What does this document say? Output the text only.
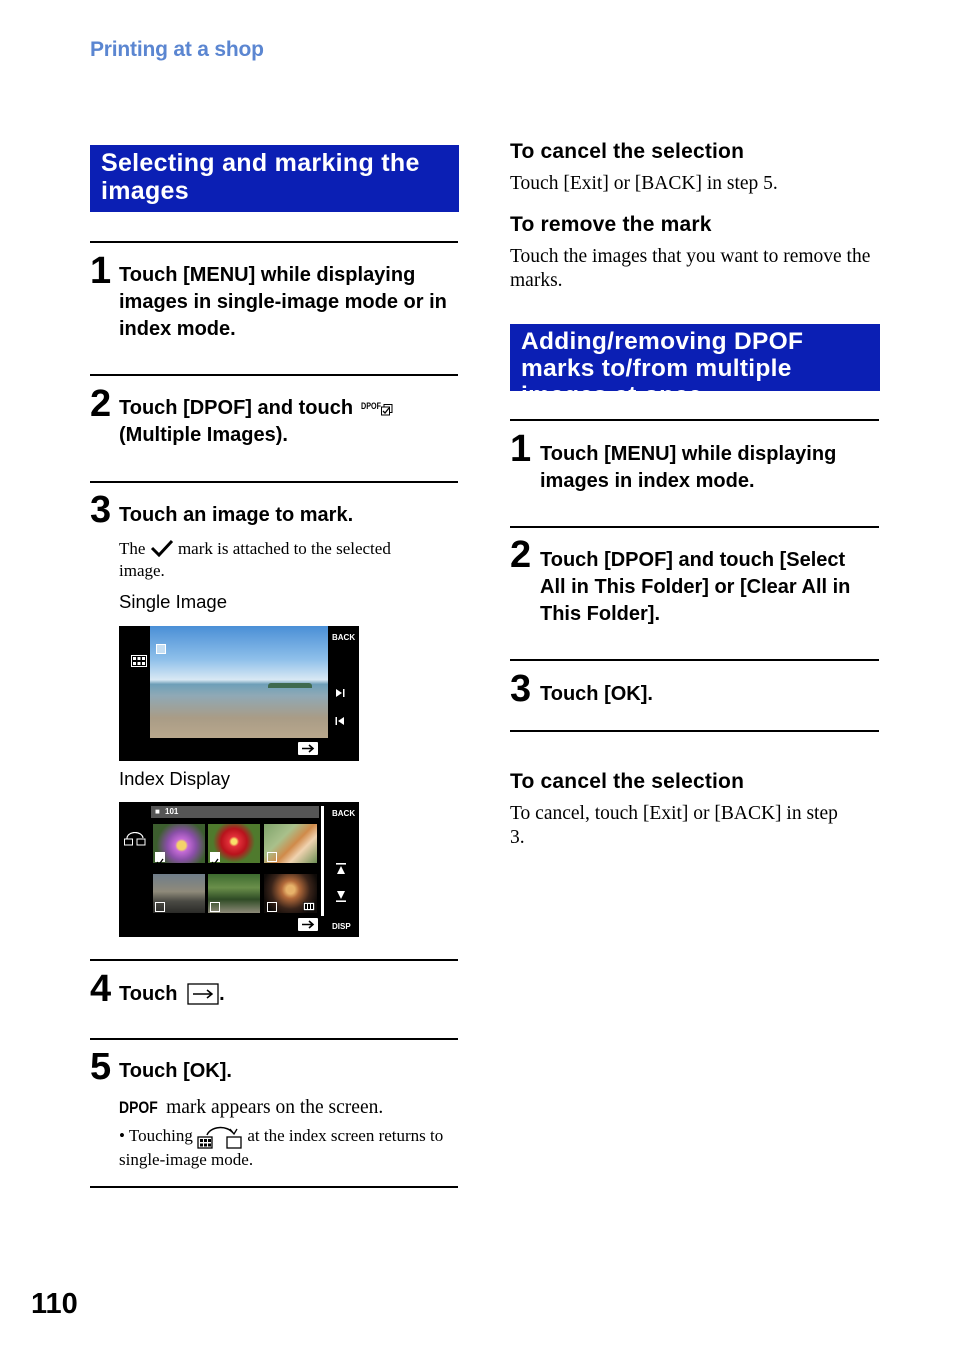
Printing at a shop
Selecting and marking the images
1 Touch [MENU] while displaying images in single-image mode or in index mode.
2 Touch [DPOF] and touch DPOF

(Multiple Images).
3 Touch an image to mark.
The mark is attached to the selected image.
Single Image
BACK
Index Display
■ 101	BACK
DISP
4 Touch .
5 Touch [OK].
DPOF mark appears on the screen.
• Touching	at the index screen returns to single-image mode.
To cancel the selection
Touch [Exit] or [BACK] in step 5.
To remove the mark
Touch the images that you want to remove the marks.
Adding/removing DPOF marks to/from multiple images at once
1 Touch [MENU] while displaying images in index mode.
2 Touch [DPOF] and touch [Select All in This Folder] or [Clear All in This Folder].
3 Touch [OK].
To cancel the selection
To cancel, touch [Exit] or [BACK] in step 3.
110
